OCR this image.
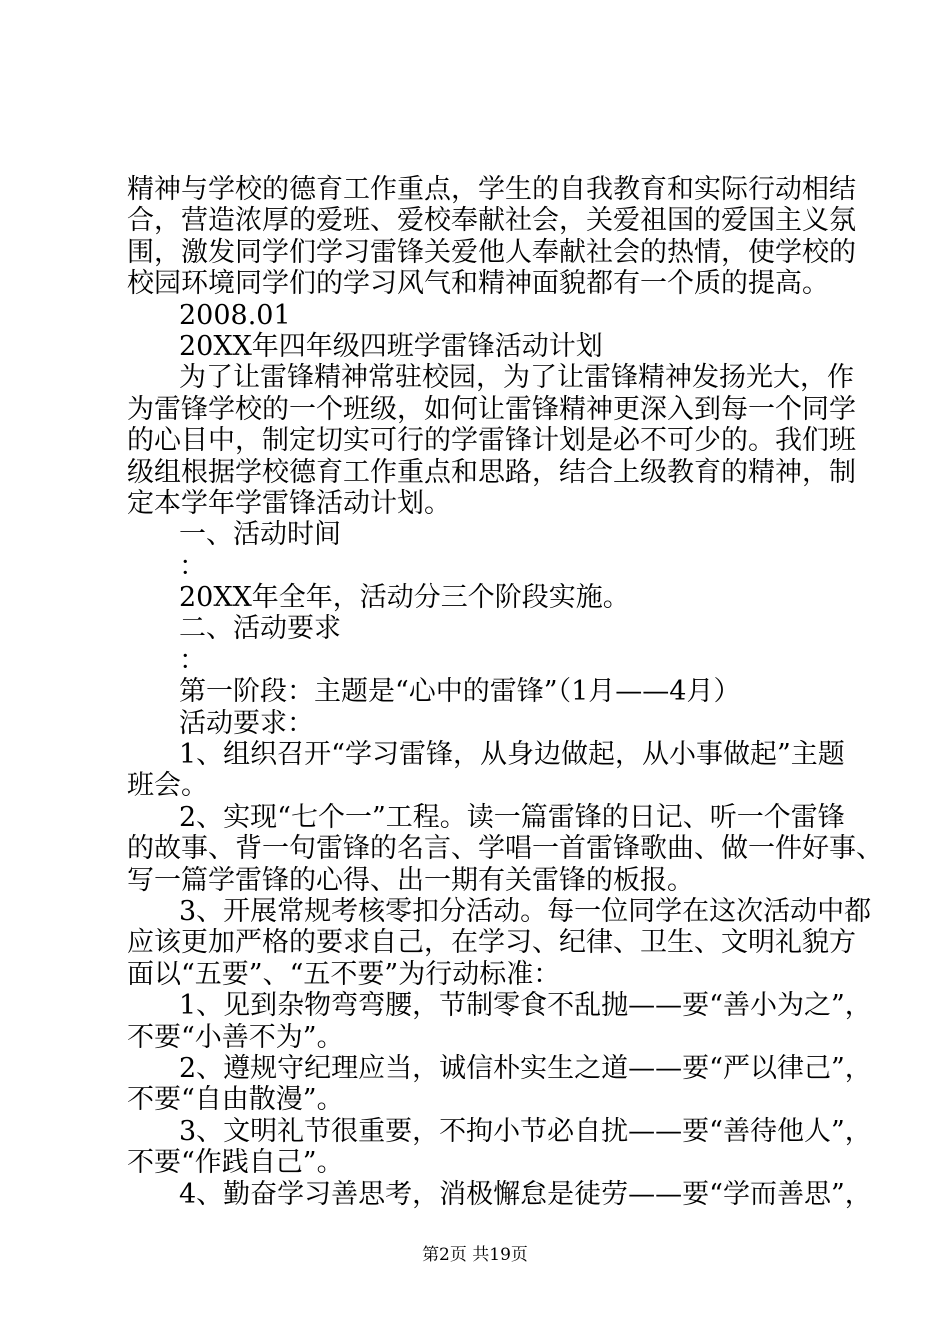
精神与学校的德育工作重点，学生的自我教育和实际行动相结
合，营造浓厚的爱班、爱校奉献社会，关爱祖国的爱国主义氛
围，激发同学们学习雷锋关爱他人奉献社会的热情，使学校的
校园环境同学们的学习风气和精神面貌都有一个质的提高。
2008.01
20XX年四年级四班学雷锋活动计划
为了让雷锋精神常驻校园，为了让雷锋精神发扬光大，作
为雷锋学校的一个班级，如何让雷锋精神更深入到每一个同学
的心目中，制定切实可行的学雷锋计划是必不可少的。我们班
级组根据学校德育工作重点和思路，结合上级教育的精神，制
定本学年学雷锋活动计划。
一、活动时间
：
20XX年全年，活动分三个阶段实施。
二、活动要求
：
第一阶段：主题是“心中的雷锋”（1月——4月）
活动要求：
1、组织召开“学习雷锋，从身边做起，从小事做起”主题
班会。
2、实现“七个一”工程。读一篇雷锋的日记、听一个雷锋
的故事、背一句雷锋的名言、学唱一首雷锋歌曲、做一件好事、
写一篇学雷锋的心得、出一期有关雷锋的板报。
3、开展常规考核零扣分活动。每一位同学在这次活动中都
应该更加严格的要求自己，在学习、纪律、卫生、文明礼貌方
面以“五要”、“五不要”为行动标准：
1、见到杂物弯弯腰，节制零食不乱抛——要“善小为之”，
不要“小善不为”。
2、遵规守纪理应当，诚信朴实生之道——要“严以律己”，
不要“自由散漫”。
3、文明礼节很重要，不拘小节必自扰——要“善待他人”，
不要“作践自己”。
4、勤奋学习善思考，消极懈怠是徒劳——要“学而善思”，
第2页 共19页
